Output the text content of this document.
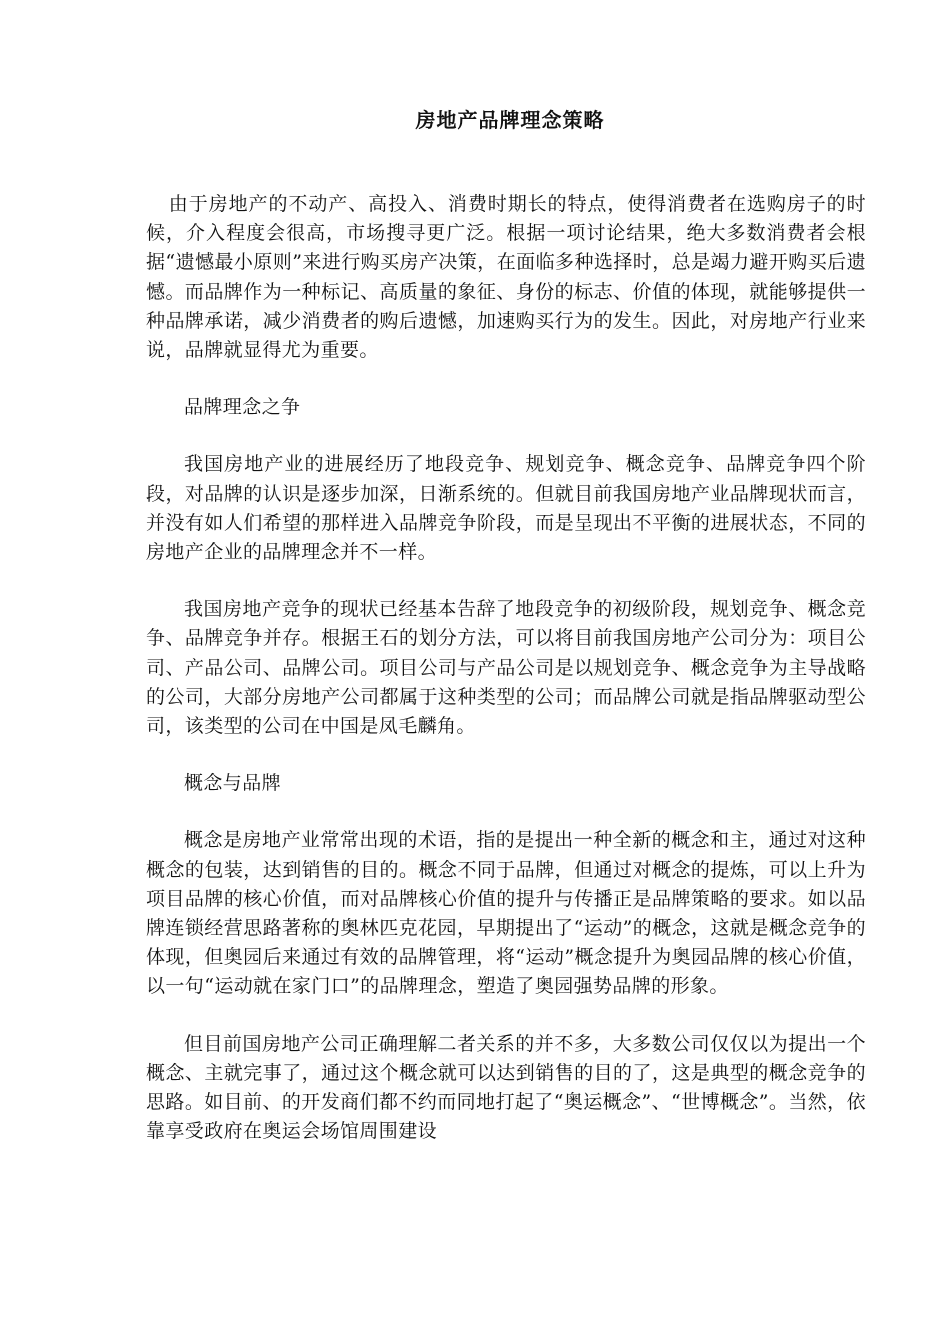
房地产品牌理念策略

由于房地产的不动产、高投入、消费时期长的特点，使得消费者在选购房子的时候，介入程度会很高，市场搜寻更广泛。根据一项讨论结果，绝大多数消费者会根据“遗憾最小原则”来进行购买房产决策，在面临多种选择时，总是竭力避开购买后遗憾。而品牌作为一种标记、高质量的象征、身份的标志、价值的体现，就能够提供一种品牌承诺，减少消费者的购后遗憾，加速购买行为的发生。因此，对房地产行业来说，品牌就显得尤为重要。

品牌理念之争

我国房地产业的进展经历了地段竞争、规划竞争、概念竞争、品牌竞争四个阶段，对品牌的认识是逐步加深，日渐系统的。但就目前我国房地产业品牌现状而言，并没有如人们希望的那样进入品牌竞争阶段，而是呈现出不平衡的进展状态，不同的房地产企业的品牌理念并不一样。

我国房地产竞争的现状已经基本告辞了地段竞争的初级阶段，规划竞争、概念竞争、品牌竞争并存。根据王石的划分方法，可以将目前我国房地产公司分为：项目公司、产品公司、品牌公司。项目公司与产品公司是以规划竞争、概念竞争为主导战略的公司，大部分房地产公司都属于这种类型的公司；而品牌公司就是指品牌驱动型公司，该类型的公司在中国是凤毛麟角。

概念与品牌

概念是房地产业常常出现的术语，指的是提出一种全新的概念和主，通过对这种概念的包装，达到销售的目的。概念不同于品牌，但通过对概念的提炼，可以上升为项目品牌的核心价值，而对品牌核心价值的提升与传播正是品牌策略的要求。如以品牌连锁经营思路著称的奥林匹克花园，早期提出了“运动”的概念，这就是概念竞争的体现，但奥园后来通过有效的品牌管理，将“运动”概念提升为奥园品牌的核心价值，以一句“运动就在家门口”的品牌理念，塑造了奥园强势品牌的形象。

但目前国房地产公司正确理解二者关系的并不多，大多数公司仅仅以为提出一个概念、主就完事了，通过这个概念就可以达到销售的目的了，这是典型的概念竞争的思路。如目前、的开发商们都不约而同地打起了“奥运概念”、“世博概念”。当然，依靠享受政府在奥运会场馆周围建设
